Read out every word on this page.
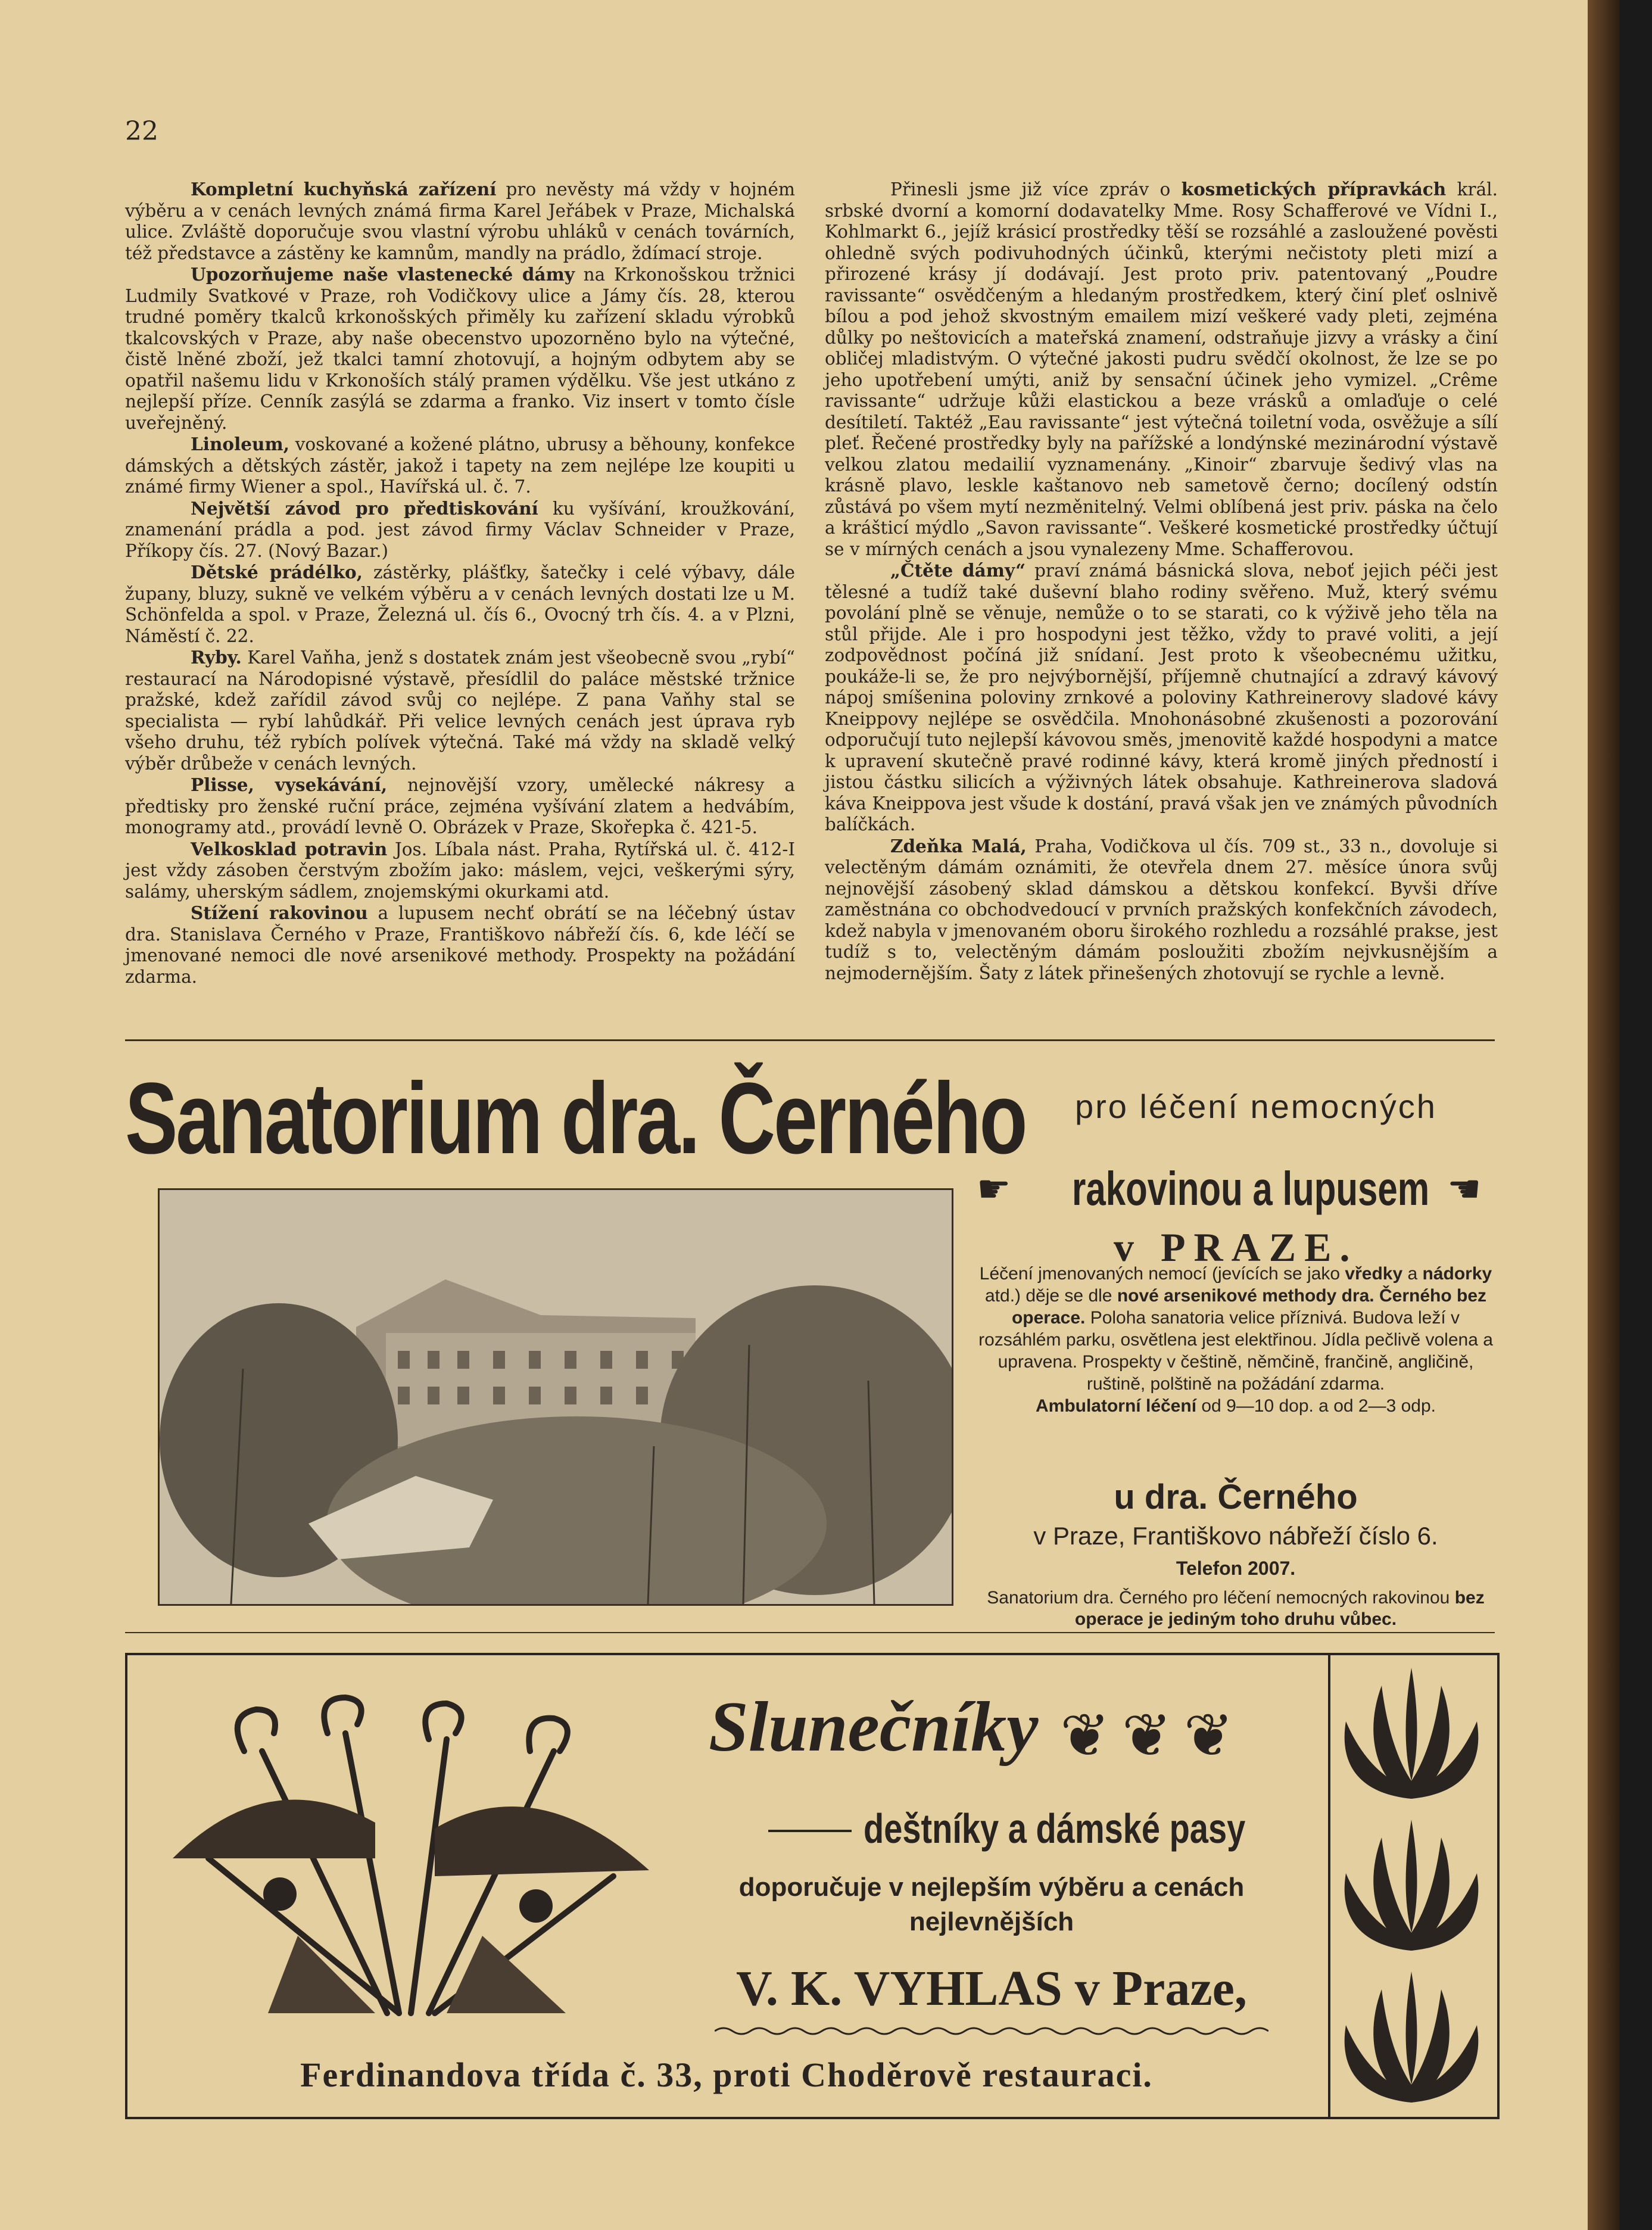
22

Kompletní kuchyňská zařízení pro nevěsty má vždy v hojném výběru a v cenách levných známá firma Karel Jeřábek v Praze, Michalská ulice. Zvláště doporučuje svou vlastní výrobu uhláků v cenách továrních, též představce a zástěny ke kamnům, mandly na prádlo, ždímací stroje.

Upozorňujeme naše vlastenecké dámy na Krkonošskou tržnici Ludmily Svatkové v Praze, roh Vodičkovy ulice a Jámy čís. 28, kterou trudné poměry tkalců krkonošských přiměly ku zařízení skladu výrobků tkalcovských v Praze, aby naše obecenstvo upozorněno bylo na výtečné, čistě lněné zboží, jež tkalci tamní zhotovují, a hojným odbytem aby se opatřil našemu lidu v Krkonoších stálý pramen výdělku. Vše jest utkáno z nejlepší příze. Cenník zasýlá se zdarma a franko. Viz insert v tomto čísle uveřejněný.

Linoleum, voskované a kožené plátno, ubrusy a běhouny, konfekce dámských a dětských zástěr, jakož i tapety na zem nejlépe lze koupiti u známé firmy Wiener a spol., Havířská ul. č. 7.

Největší závod pro předtiskování ku vyšívání, kroužkování, znamenání prádla a pod. jest závod firmy Václav Schneider v Praze, Příkopy čís. 27. (Nový Bazar.)

Dětské prádélko, zástěrky, plášťky, šatečky i celé výbavy, dále župany, bluzy, sukně ve velkém výběru a v cenách levných dostati lze u M. Schönfelda a spol. v Praze, Železná ul. čís 6., Ovocný trh čís. 4. a v Plzni, Náměstí č. 22.

Ryby. Karel Vaňha, jenž s dostatek znám jest všeobecně svou „rybí“ restaurací na Národopisné výstavě, přesídlil do paláce městské tržnice pražské, kdež zařídil závod svůj co nejlépe. Z pana Vaňhy stal se specialista — rybí lahůdkář. Při velice levných cenách jest úprava ryb všeho druhu, též rybích polívek výtečná. Také má vždy na skladě velký výběr drůbeže v cenách levných.

Plisse, vysekávání, nejnovější vzory, umělecké nákresy a předtisky pro ženské ruční práce, zejména vyšívání zlatem a hedvábím, monogramy atd., provádí levně O. Obrázek v Praze, Skořepka č. 421-5.

Velkosklad potravin Jos. Líbala nást. Praha, Rytířská ul. č. 412-I jest vždy zásoben čerstvým zbožím jako: máslem, vejci, veškerými sýry, salámy, uherským sádlem, znojemskými okurkami atd.

Stížení rakovinou a lupusem nechť obrátí se na léčebný ústav dra. Stanislava Černého v Praze, Františkovo nábřeží čís. 6, kde léčí se jmenované nemoci dle nové arsenikové methody. Prospekty na požádání zdarma.

Přinesli jsme již více zpráv o kosmetických přípravkách král. srbské dvorní a komorní dodavatelky Mme. Rosy Schafferové ve Vídni I., Kohlmarkt 6., jejíž krásicí prostředky těší se rozsáhlé a zasloužené pověsti ohledně svých podivuhodných účinků, kterými nečistoty pleti mizí a přirozené krásy jí dodávají. Jest proto priv. patentovaný „Poudre ravissante“ osvědčeným a hledaným prostředkem, který činí pleť oslnivě bílou a pod jehož skvostným emailem mizí veškeré vady pleti, zejména důlky po neštovicích a mateřská znamení, odstraňuje jizvy a vrásky a činí obličej mladistvým. O výtečné jakosti pudru svědčí okolnost, že lze se po jeho upotřebení umýti, aniž by sensační účinek jeho vymizel. „Crême ravissante“ udržuje kůži elastickou a beze vrásků a omlaďuje o celé desítiletí. Taktéž „Eau ravissante“ jest výtečná toiletní voda, osvěžuje a sílí pleť. Řečené prostředky byly na pařížské a londýnské mezinárodní výstavě velkou zlatou medailií vyznamenány. „Kinoir“ zbarvuje šedivý vlas na krásně plavo, leskle kaštanovo neb sametově černo; docílený odstín zůstává po všem mytí nezměnitelný. Velmi oblíbená jest priv. páska na čelo a krášticí mýdlo „Savon ravissante“. Veškeré kosmetické prostředky účtují se v mírných cenách a jsou vynalezeny Mme. Schafferovou.

„Čtěte dámy“ praví známá básnická slova, neboť jejich péči jest tělesné a tudíž také duševní blaho rodiny svěřeno. Muž, který svému povolání plně se věnuje, nemůže o to se starati, co k výživě jeho těla na stůl přijde. Ale i pro hospodyni jest těžko, vždy to pravé voliti, a její zodpovědnost počíná již snídaní. Jest proto k všeobecnému užitku, poukáže-li se, že pro nejvýbornější, příjemně chutnající a zdravý kávový nápoj smíšenina poloviny zrnkové a poloviny Kathreinerovy sladové kávy Kneippovy nejlépe se osvědčila. Mnohonásobné zkušenosti a pozorování odporučují tuto nejlepší kávovou směs, jmenovitě každé hospodyni a matce k upravení skutečně pravé rodinné kávy, která kromě jiných předností i jistou částku silicích a výživných látek obsahuje. Kathreinerova sladová káva Kneippova jest všude k dostání, pravá však jen ve známých původních balíčkách.

Zdeňka Malá, Praha, Vodičkova ul čís. 709 st., 33 n., dovoluje si velectěným dámám oznámiti, že otevřela dnem 27. měsíce února svůj nejnovější zásobený sklad dámskou a dětskou konfekcí. Byvši dříve zaměstnána co obchodvedoucí v prvních pražských konfekčních závodech, kdež nabyla v jmenovaném oboru širokého rozhledu a rozsáhlé prakse, jest tudíž s to, velectěným dámám posloužiti zbožím nejvkusnějším a nejmodernějším. Šaty z látek přinešených zhotovují se rychle a levně.

Sanatorium dra. Černého pro léčení nemocných
☛ rakovinou a lupusem ☚
v PRAZE.
Léčení jmenovaných nemocí (jevících se jako vředky a nádorky atd.) děje se dle nové arsenikové methody dra. Černého bez operace. Poloha sanatoria velice příznivá. Budova leží v rozsáhlém parku, osvětlena jest elektřinou. Jídla pečlivě volena a upravena. Prospekty v češtině, němčině, frančině, angličině, ruštině, polštině na požádání zdarma.
Ambulatorní léčení od 9—10 dop. a od 2—3 odp.
u dra. Černého
v Praze, Františkovo nábřeží číslo 6.
Telefon 2007.
Sanatorium dra. Černého pro léčení nemocných rakovinou bez operace je jediným toho druhu vůbec.
Slunečníky ❦❦❦
deštníky a dámské pasy
doporučuje v nejlepším výběru a cenách
nejlevnějších
V. K. VYHLAS v Praze,
Ferdinandova třída č. 33, proti Choděrově restauraci.
